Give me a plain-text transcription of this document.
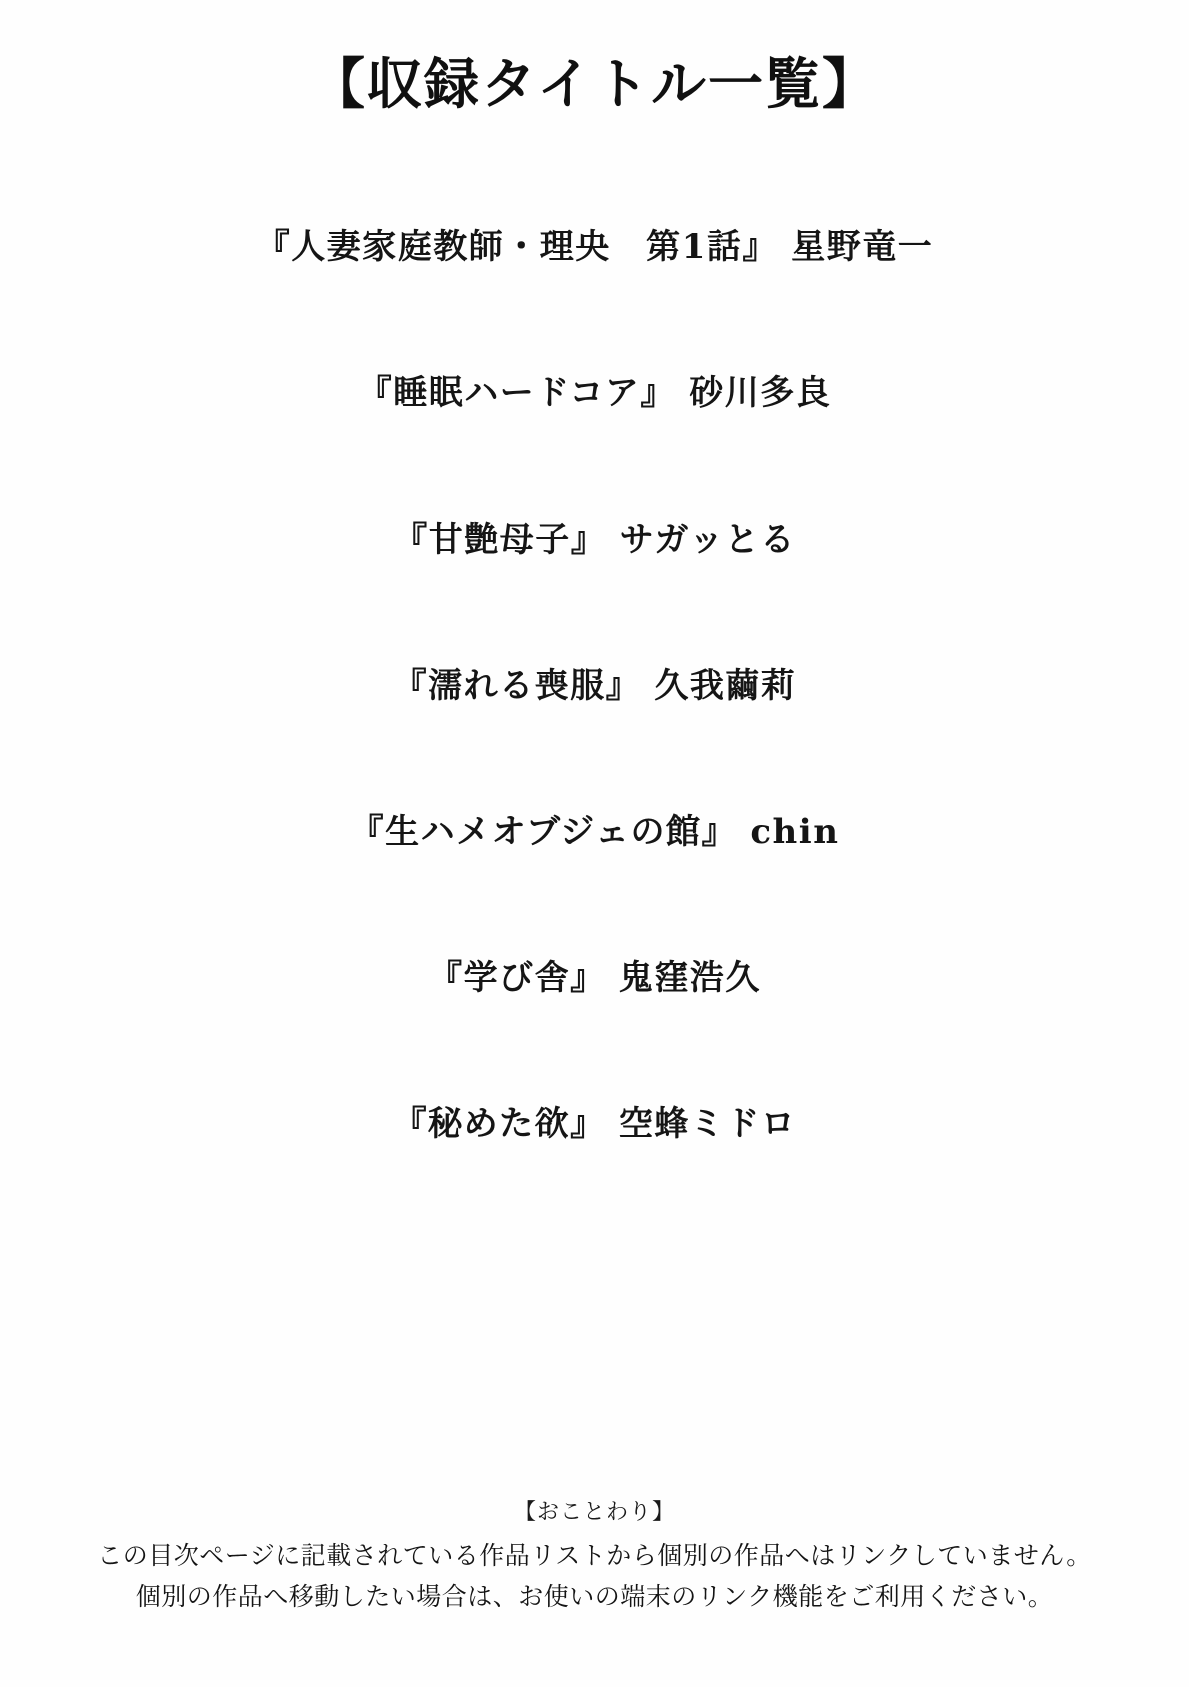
【収録タイトル一覧】
『人妻家庭教師・理央　第1話』 星野竜一
『睡眠ハードコア』 砂川多良
『甘艶母子』 サガッとる
『濡れる喪服』 久我繭莉
『生ハメオブジェの館』 chin
『学び舎』 鬼窪浩久
『秘めた欲』 空蜂ミドロ
【おことわり】
この目次ページに記載されている作品リストから個別の作品へはリンクしていません。
個別の作品へ移動したい場合は、お使いの端末のリンク機能をご利用ください。
